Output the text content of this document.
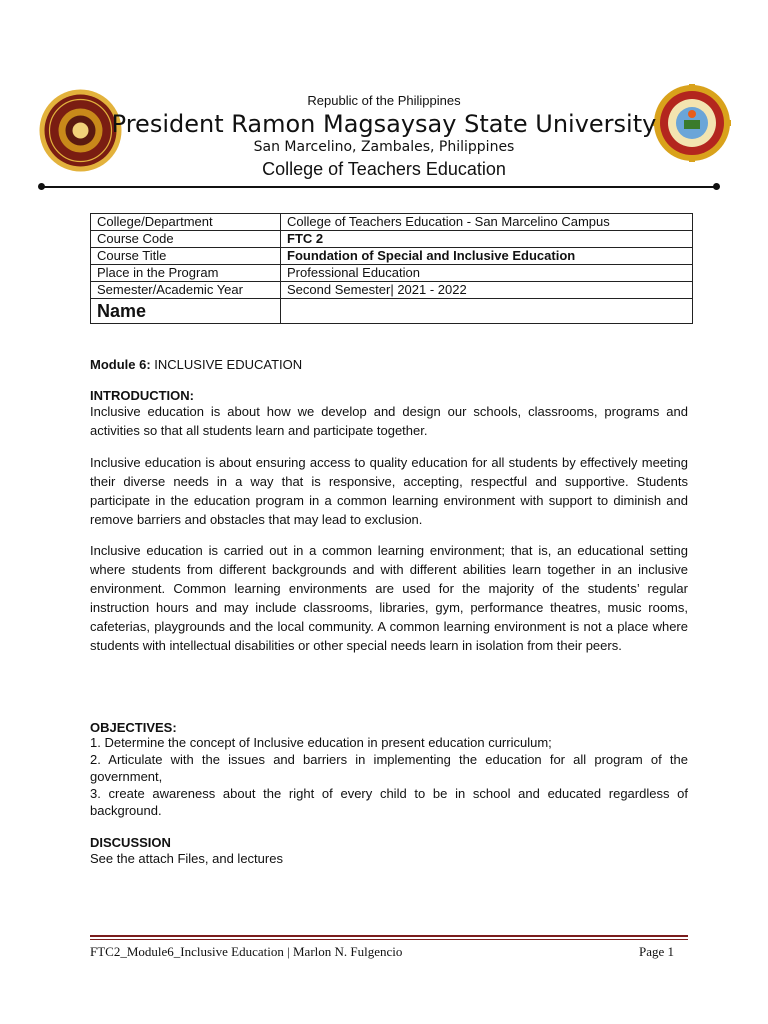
Republic of the Philippines
President Ramon Magsaysay State University
San Marcelino, Zambales, Philippines
College of Teachers Education
College/Department	College of Teachers Education - San Marcelino Campus
Course Code	FTC 2
Course Title	Foundation of Special and Inclusive Education
Place in the Program	Professional Education
Semester/Academic Year	Second Semester| 2021 - 2022
Name	
Module 6: INCLUSIVE EDUCATION
INTRODUCTION:
Inclusive education is about how we develop and design our schools, classrooms, programs and activities so that all students learn and participate together.
Inclusive education is about ensuring access to quality education for all students by effectively meeting their diverse needs in a way that is responsive, accepting, respectful and supportive. Students participate in the education program in a common learning environment with support to diminish and remove barriers and obstacles that may lead to exclusion.
Inclusive education is carried out in a common learning environment; that is, an educational setting where students from different backgrounds and with different abilities learn together in an inclusive environment. Common learning environments are used for the majority of the students’ regular instruction hours and may include classrooms, libraries, gym, performance theatres, music rooms, cafeterias, playgrounds and the local community. A common learning environment is not a place where students with intellectual disabilities or other special needs learn in isolation from their peers.
OBJECTIVES:
1. Determine the concept of Inclusive education in present education curriculum;
2. Articulate with the issues and barriers in implementing the education for all program of the government,
3. create awareness about the right of every child to be in school and educated regardless of background.
DISCUSSION
See the attach Files, and lectures
FTC2_Module6_Inclusive Education | Marlon N. Fulgencio	Page 1
